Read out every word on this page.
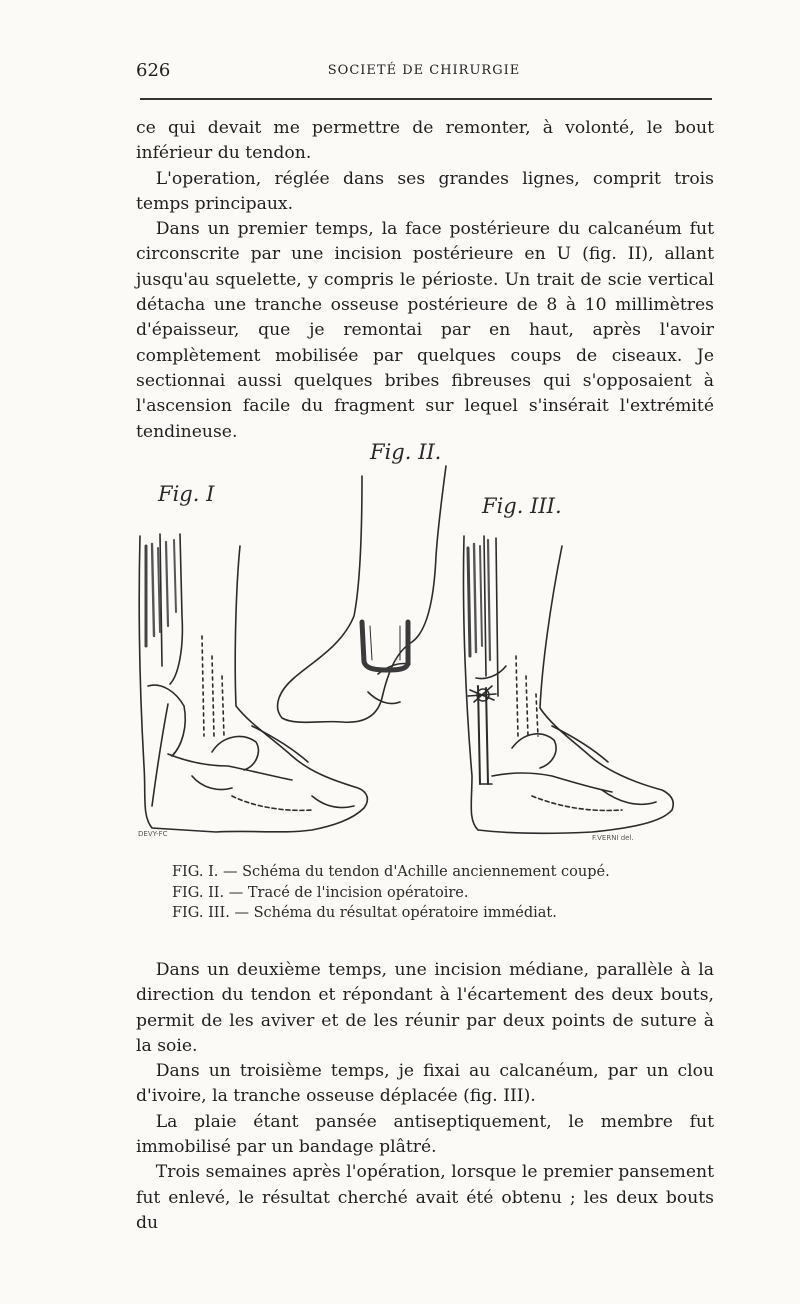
626	SOCIETÉ DE CHIRURGIE

ce qui devait me permettre de remonter, à volonté, le bout inférieur du tendon.

L'operation, réglée dans ses grandes lignes, comprit trois temps principaux.

Dans un premier temps, la face postérieure du calcanéum fut circonscrite par une incision postérieure en U (fig. II), allant jusqu'au squelette, y compris le périoste. Un trait de scie vertical détacha une tranche osseuse postérieure de 8 à 10 millimètres d'épaisseur, que je remontai par en haut, après l'avoir complètement mobilisée par quelques coups de ciseaux. Je sectionnai aussi quelques bribes fibreuses qui s'opposaient à l'ascension facile du fragment sur lequel s'insérait l'extrémité tendineuse.

Fig. I
Fig. II.
Fig. III.
DEVY-FC	F.VERNI del.
FIG. I. — Schéma du tendon d'Achille anciennement coupé.
FIG. II. — Tracé de l'incision opératoire.
FIG. III. — Schéma du résultat opératoire immédiat.

Dans un deuxième temps, une incision médiane, parallèle à la direction du tendon et répondant à l'écartement des deux bouts, permit de les aviver et de les réunir par deux points de suture à la soie.

Dans un troisième temps, je fixai au calcanéum, par un clou d'ivoire, la tranche osseuse déplacée (fig. III).

La plaie étant pansée antiseptiquement, le membre fut immobilisé par un bandage plâtré.

Trois semaines après l'opération, lorsque le premier pansement fut enlevé, le résultat cherché avait été obtenu ; les deux bouts du
